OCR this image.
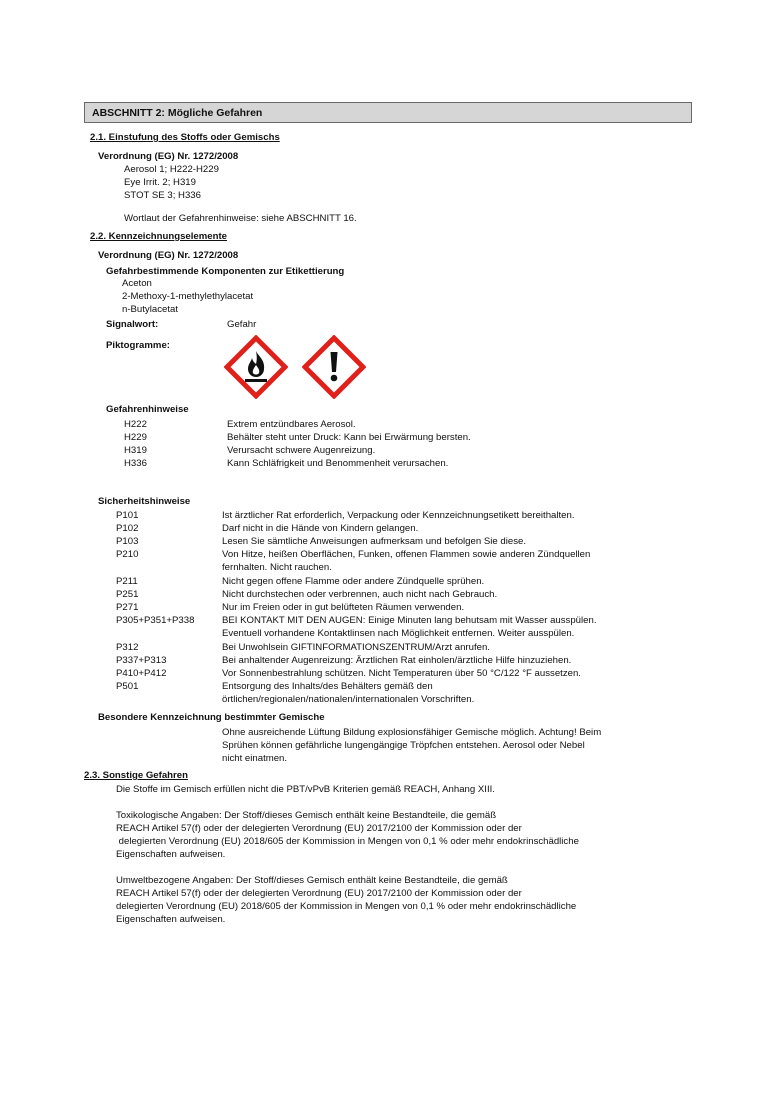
ABSCHNITT 2: Mögliche Gefahren
2.1. Einstufung des Stoffs oder Gemischs
Verordnung (EG) Nr. 1272/2008
Aerosol 1; H222-H229
Eye Irrit. 2; H319
STOT SE 3; H336
Wortlaut der Gefahrenhinweise: siehe ABSCHNITT 16.
2.2. Kennzeichnungselemente
Verordnung (EG) Nr. 1272/2008
Gefahrbestimmende Komponenten zur Etikettierung
Aceton
2-Methoxy-1-methylethylacetat
n-Butylacetat
Signalwort:	Gefahr
Piktogramme:
Gefahrenhinweise
H222	Extrem entzündbares Aerosol.
H229	Behälter steht unter Druck: Kann bei Erwärmung bersten.
H319	Verursacht schwere Augenreizung.
H336	Kann Schläfrigkeit und Benommenheit verursachen.
Sicherheitshinweise
P101	Ist ärztlicher Rat erforderlich, Verpackung oder Kennzeichnungsetikett bereithalten.
P102	Darf nicht in die Hände von Kindern gelangen.
P103	Lesen Sie sämtliche Anweisungen aufmerksam und befolgen Sie diese.
P210	Von Hitze, heißen Oberflächen, Funken, offenen Flammen sowie anderen Zündquellen
fernhalten. Nicht rauchen.
P211	Nicht gegen offene Flamme oder andere Zündquelle sprühen.
P251	Nicht durchstechen oder verbrennen, auch nicht nach Gebrauch.
P271	Nur im Freien oder in gut belüfteten Räumen verwenden.
P305+P351+P338	BEI KONTAKT MIT DEN AUGEN: Einige Minuten lang behutsam mit Wasser ausspülen.
Eventuell vorhandene Kontaktlinsen nach Möglichkeit entfernen. Weiter ausspülen.
P312	Bei Unwohlsein GIFTINFORMATIONSZENTRUM/Arzt anrufen.
P337+P313	Bei anhaltender Augenreizung: Ärztlichen Rat einholen/ärztliche Hilfe hinzuziehen.
P410+P412	Vor Sonnenbestrahlung schützen. Nicht Temperaturen über 50 °C/122 °F aussetzen.
P501	Entsorgung des Inhalts/des Behälters gemäß den
örtlichen/regionalen/nationalen/internationalen Vorschriften.
Besondere Kennzeichnung bestimmter Gemische
Ohne ausreichende Lüftung Bildung explosionsfähiger Gemische möglich. Achtung! Beim
Sprühen können gefährliche lungengängige Tröpfchen entstehen. Aerosol oder Nebel
nicht einatmen.
2.3. Sonstige Gefahren
Die Stoffe im Gemisch erfüllen nicht die PBT/vPvB Kriterien gemäß REACH, Anhang XIII.
Toxikologische Angaben: Der Stoff/dieses Gemisch enthält keine Bestandteile, die gemäß
REACH Artikel 57(f) oder der delegierten Verordnung (EU) 2017/2100 der Kommission oder der
delegierten Verordnung (EU) 2018/605 der Kommission in Mengen von 0,1 % oder mehr endokrinschädliche
Eigenschaften aufweisen.
Umweltbezogene Angaben: Der Stoff/dieses Gemisch enthält keine Bestandteile, die gemäß
REACH Artikel 57(f) oder der delegierten Verordnung (EU) 2017/2100 der Kommission oder der
delegierten Verordnung (EU) 2018/605 der Kommission in Mengen von 0,1 % oder mehr endokrinschädliche
Eigenschaften aufweisen.
